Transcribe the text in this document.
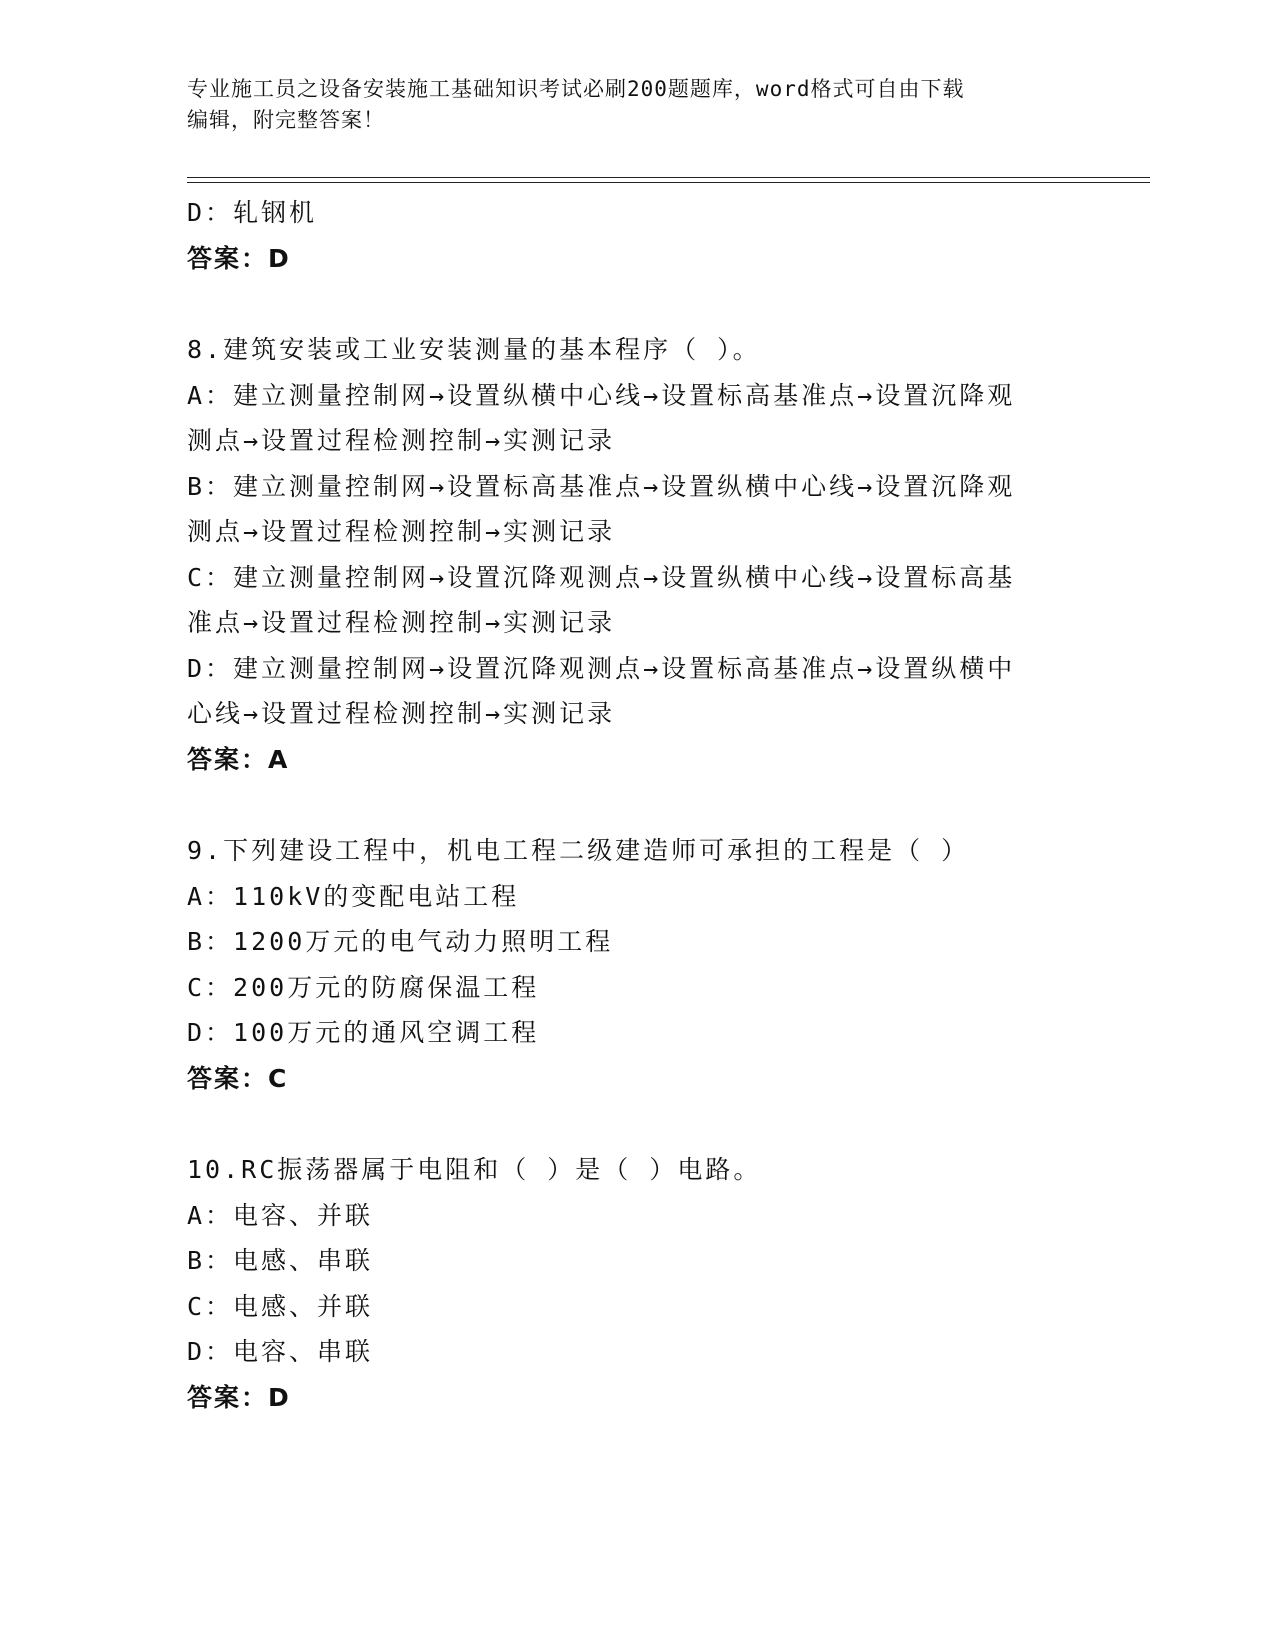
专业施工员之设备安装施工基础知识考试必刷200题题库，word格式可自由下载
编辑，附完整答案！
D：轧钢机
答案：D
8.建筑安装或工业安装测量的基本程序（ ）。
A：建立测量控制网→设置纵横中心线→设置标高基准点→设置沉降观
测点→设置过程检测控制→实测记录
B：建立测量控制网→设置标高基准点→设置纵横中心线→设置沉降观
测点→设置过程检测控制→实测记录
C：建立测量控制网→设置沉降观测点→设置纵横中心线→设置标高基
准点→设置过程检测控制→实测记录
D：建立测量控制网→设置沉降观测点→设置标高基准点→设置纵横中
心线→设置过程检测控制→实测记录
答案：A
9.下列建设工程中，机电工程二级建造师可承担的工程是（ ）
A：110kV的变配电站工程
B：1200万元的电气动力照明工程
C：200万元的防腐保温工程
D：100万元的通风空调工程
答案：C
10.RC振荡器属于电阻和（ ）是（ ）电路。
A：电容、并联
B：电感、串联
C：电感、并联
D：电容、串联
答案：D
